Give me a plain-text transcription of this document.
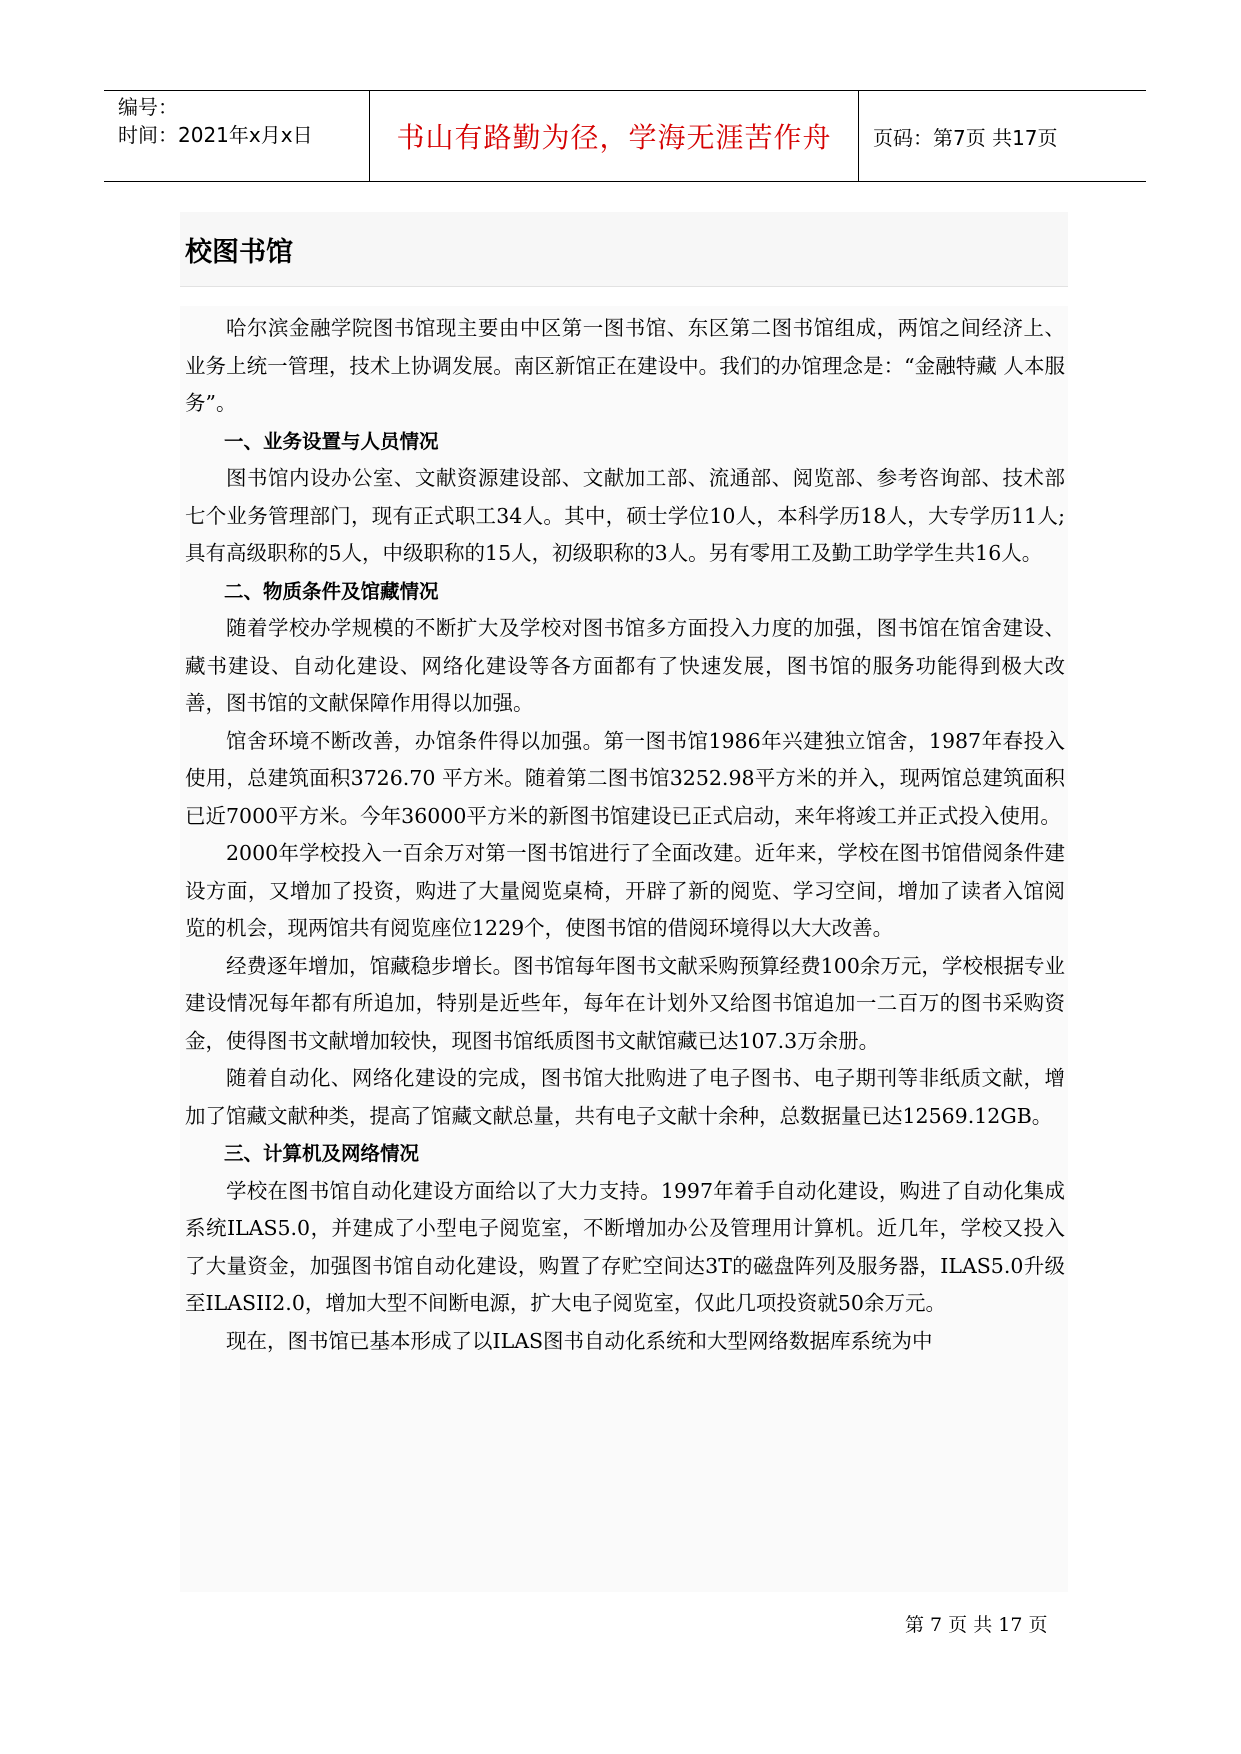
编号：
时间：2021年x月x日	书山有路勤为径，学海无涯苦作舟	页码：第7页 共17页
校图书馆

哈尔滨金融学院图书馆现主要由中区第一图书馆、东区第二图书馆组成，两馆之间经济上、业务上统一管理，技术上协调发展。南区新馆正在建设中。我们的办馆理念是：“金融特藏 人本服务”。

一、业务设置与人员情况

图书馆内设办公室、文献资源建设部、文献加工部、流通部、阅览部、参考咨询部、技术部七个业务管理部门，现有正式职工34人。其中，硕士学位10人，本科学历18人，大专学历11人;具有高级职称的5人，中级职称的15人，初级职称的3人。另有零用工及勤工助学学生共16人。

二、物质条件及馆藏情况

随着学校办学规模的不断扩大及学校对图书馆多方面投入力度的加强，图书馆在馆舍建设、藏书建设、自动化建设、网络化建设等各方面都有了快速发展，图书馆的服务功能得到极大改善，图书馆的文献保障作用得以加强。

馆舍环境不断改善，办馆条件得以加强。第一图书馆1986年兴建独立馆舍，1987年春投入使用，总建筑面积3726.70 平方米。随着第二图书馆3252.98平方米的并入，现两馆总建筑面积已近7000平方米。今年36000平方米的新图书馆建设已正式启动，来年将竣工并正式投入使用。

2000年学校投入一百余万对第一图书馆进行了全面改建。近年来，学校在图书馆借阅条件建设方面，又增加了投资，购进了大量阅览桌椅，开辟了新的阅览、学习空间，增加了读者入馆阅览的机会，现两馆共有阅览座位1229个，使图书馆的借阅环境得以大大改善。

经费逐年增加，馆藏稳步增长。图书馆每年图书文献采购预算经费100余万元，学校根据专业建设情况每年都有所追加，特别是近些年，每年在计划外又给图书馆追加一二百万的图书采购资金，使得图书文献增加较快，现图书馆纸质图书文献馆藏已达107.3万余册。

随着自动化、网络化建设的完成，图书馆大批购进了电子图书、电子期刊等非纸质文献，增加了馆藏文献种类，提高了馆藏文献总量，共有电子文献十余种，总数据量已达12569.12GB。

三、计算机及网络情况

学校在图书馆自动化建设方面给以了大力支持。1997年着手自动化建设，购进了自动化集成系统ILAS5.0，并建成了小型电子阅览室，不断增加办公及管理用计算机。近几年，学校又投入了大量资金，加强图书馆自动化建设，购置了存贮空间达3T的磁盘阵列及服务器，ILAS5.0升级至ILASII2.0，增加大型不间断电源，扩大电子阅览室，仅此几项投资就50余万元。

现在，图书馆已基本形成了以ILAS图书自动化系统和大型网络数据库系统为中

第 7 页 共 17 页
